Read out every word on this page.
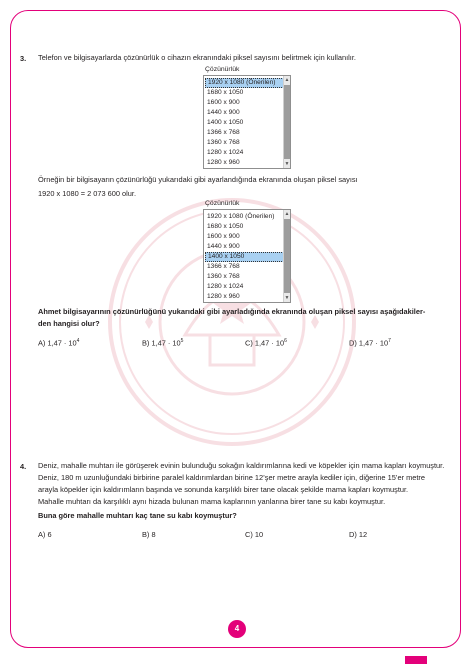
3. Telefon ve bilgisayarlarda çözünürlük o cihazın ekranındaki piksel sayısını belirtmek için kullanılır.
Çözünürlük
1920 x 1080 (Önerilen)
1680 x 1050
1600 x 900
1440 x 900
1400 x 1050
1366 x 768
1360 x 768
1280 x 1024
1280 x 960
▲
▼
Örneğin bir bilgisayarın çözünürlüğü yukarıdaki gibi ayarlandığında ekranında oluşan piksel sayısı
1920 x 1080 = 2 073 600 olur.
Çözünürlük
1920 x 1080 (Önerilen)
1680 x 1050
1600 x 900
1440 x 900
1400 x 1050
1366 x 768
1360 x 768
1280 x 1024
1280 x 960
▲
▼
Ahmet bilgisayarının çözünürlüğünü yukarıdaki gibi ayarladığında ekranında oluşan piksel sayısı aşağıdakiler-
den hangisi olur?
A) $1,47 \cdot 10^4$	B) $1,47 \cdot 10^5$	C) $1,47 \cdot 10^6$	D) $1,47 \cdot 10^7$
4. Deniz, mahalle muhtarı ile görüşerek evinin bulunduğu sokağın kaldırımlarına kedi ve köpekler için mama kapları koymuştur.
Deniz, 180 m uzunluğundaki birbirine paralel kaldırımlardan birine 12’şer metre arayla kediler için, diğerine 15’er metre
arayla köpekler için kaldırımların başında ve sonunda karşılıklı birer tane olacak şekilde mama kapları koymuştur.
Mahalle muhtarı da karşılıklı aynı hizada bulunan mama kaplarının yanlarına birer tane su kabı koymuştur.
Buna göre mahalle muhtarı kaç tane su kabı koymuştur?
A) 6	B) 8	C) 10	D) 12
4
